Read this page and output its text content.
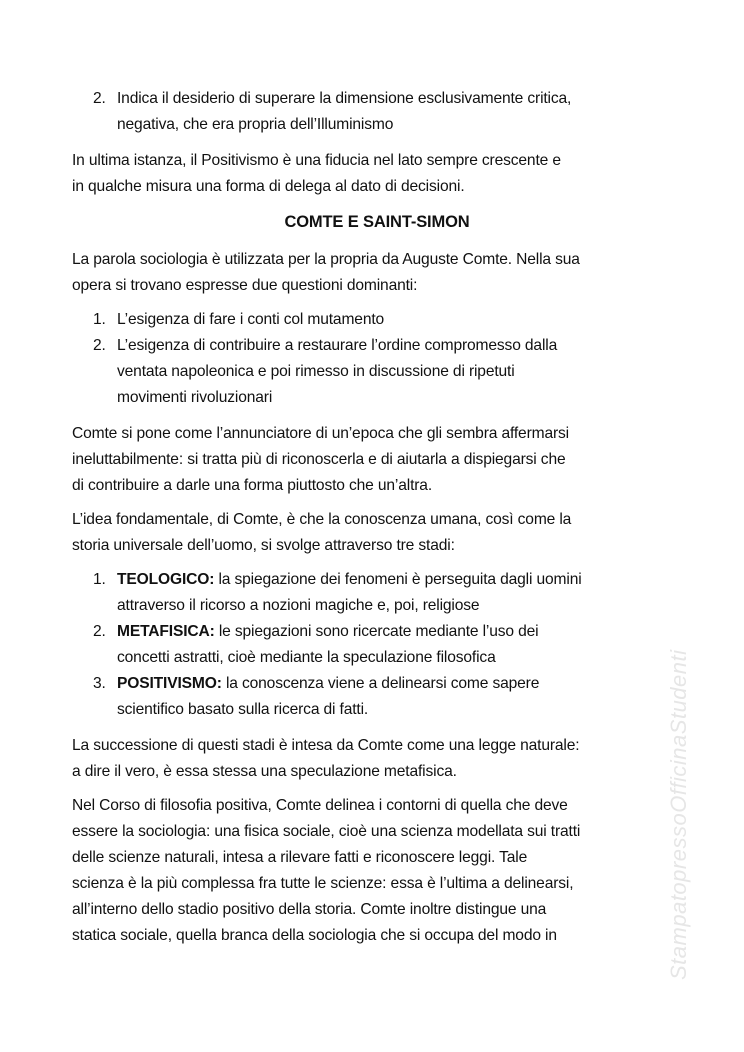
StampatopressoOfficinaStudenti
2. Indica il desiderio di superare la dimensione esclusivamente critica,
negativa, che era propria dell’Illuminismo

In ultima istanza, il Positivismo è una fiducia nel lato sempre crescente e
in qualche misura una forma di delega al dato di decisioni.

COMTE E SAINT-SIMON

La parola sociologia è utilizzata per la propria da Auguste Comte. Nella sua
opera si trovano espresse due questioni dominanti:

1. L’esigenza di fare i conti col mutamento
2. L’esigenza di contribuire a restaurare l’ordine compromesso dalla
ventata napoleonica e poi rimesso in discussione di ripetuti
movimenti rivoluzionari

Comte si pone come l’annunciatore di un’epoca che gli sembra affermarsi
ineluttabilmente: si tratta più di riconoscerla e di aiutarla a dispiegarsi che
di contribuire a darle una forma piuttosto che un’altra.

L’idea fondamentale, di Comte, è che la conoscenza umana, così come la
storia universale dell’uomo, si svolge attraverso tre stadi:

1. TEOLOGICO: la spiegazione dei fenomeni è perseguita dagli uomini
attraverso il ricorso a nozioni magiche e, poi, religiose
2. METAFISICA: le spiegazioni sono ricercate mediante l’uso dei
concetti astratti, cioè mediante la speculazione filosofica
3. POSITIVISMO: la conoscenza viene a delinearsi come sapere
scientifico basato sulla ricerca di fatti.

La successione di questi stadi è intesa da Comte come una legge naturale:
a dire il vero, è essa stessa una speculazione metafisica.

Nel Corso di filosofia positiva, Comte delinea i contorni di quella che deve
essere la sociologia: una fisica sociale, cioè una scienza modellata sui tratti
delle scienze naturali, intesa a rilevare fatti e riconoscere leggi. Tale
scienza è la più complessa fra tutte le scienze: essa è l’ultima a delinearsi,
all’interno dello stadio positivo della storia. Comte inoltre distingue una
statica sociale, quella branca della sociologia che si occupa del modo in
